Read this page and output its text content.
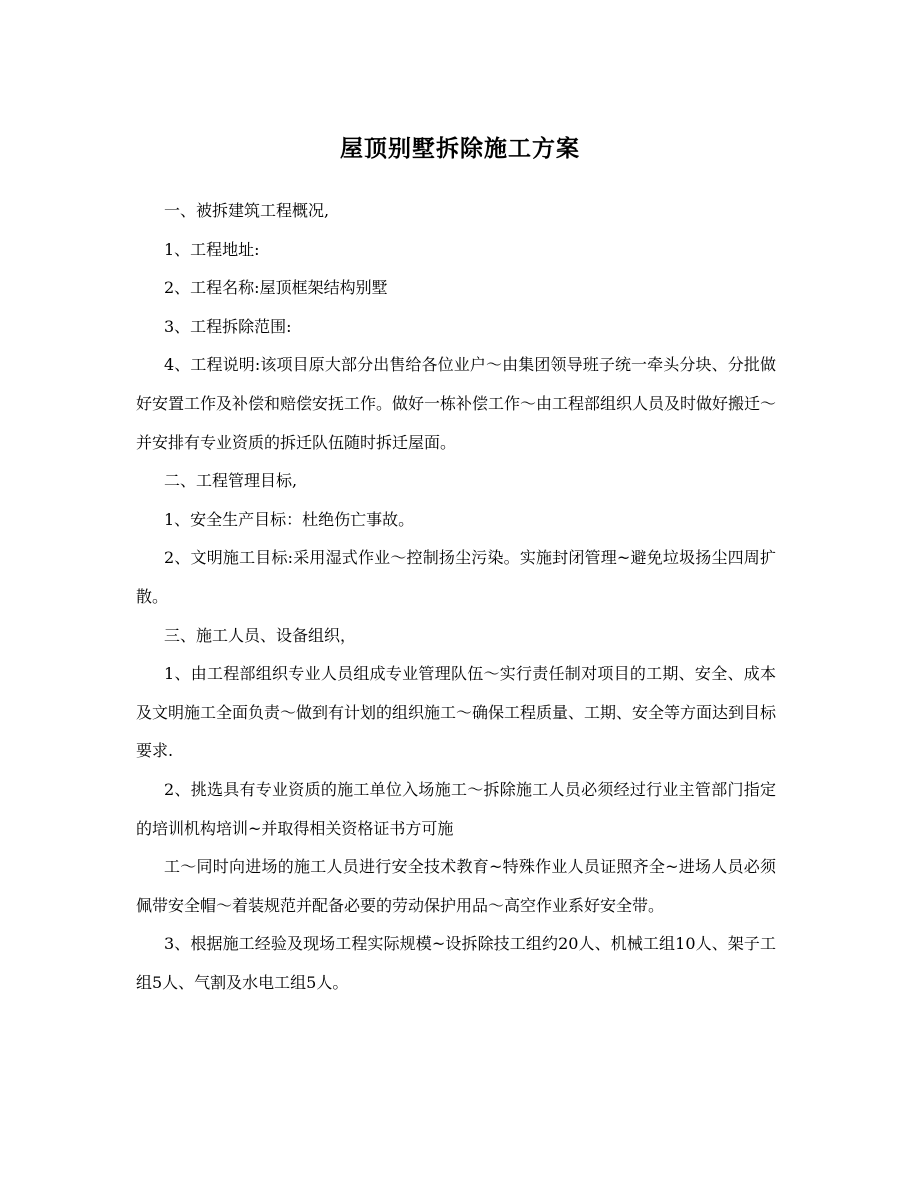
屋顶别墅拆除施工方案

一、被拆建筑工程概况,

1、工程地址:

2、工程名称:屋顶框架结构别墅

3、工程拆除范围:

4、工程说明:该项目原大部分出售给各位业户～由集团领导班子统一牵头分块、分批做好安置工作及补偿和赔偿安抚工作。做好一栋补偿工作～由工程部组织人员及时做好搬迁～并安排有专业资质的拆迁队伍随时拆迁屋面。

二、工程管理目标,

1、安全生产目标：杜绝伤亡事故。

2、文明施工目标:采用湿式作业～控制扬尘污染。实施封闭管理~避免垃圾扬尘四周扩散。

三、施工人员、设备组织，

1、由工程部组织专业人员组成专业管理队伍～实行责任制对项目的工期、安全、成本及文明施工全面负责～做到有计划的组织施工～确保工程质量、工期、安全等方面达到目标要求.

2、挑选具有专业资质的施工单位入场施工～拆除施工人员必须经过行业主管部门指定的培训机构培训~并取得相关资格证书方可施

工～同时向进场的施工人员进行安全技术教育~特殊作业人员证照齐全~进场人员必须佩带安全帽～着装规范并配备必要的劳动保护用品～高空作业系好安全带。

3、根据施工经验及现场工程实际规模~设拆除技工组约20人、机械工组10人、架子工组5人、气割及水电工组5人。
